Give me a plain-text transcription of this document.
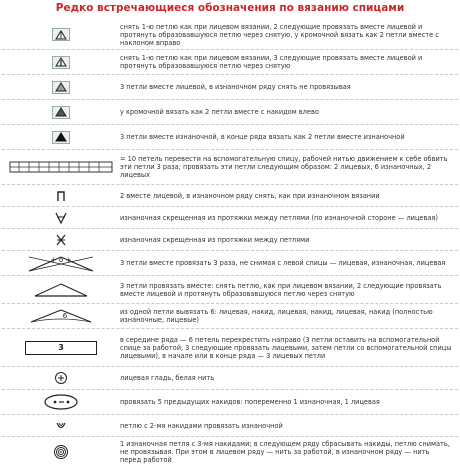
Редко встречающиеся обозначения по вязанию спицами
снять 1-ю петлю как при лицевом вязании, 2 следующие провязать вместе лицевой и протянуть образовавшуюся петлю через снятую, у кромочной вязать как 2 петли вместе с наклоном вправо
снять 1-ю петлю как при лицевом вязании, 3 следующие провязать вместе лицевой и протянуть образовавшуюся петлю через снятую
3 петли вместе лицевой, в изнаночном ряду снять не провязывая
у кромочной вязать как 2 петли вместе с накидом влево
3 петли вместе изнаночной, в конце ряда вязать как 2 петли вместе изнаночной
= 10 петель перевести на вспомогательную спицу, рабочей нитью движением к себе обвить эти петли 3 раза; провязать эти петли следующим образом: 2 лицевых, 6 изнаночных, 2 лицевых
2 вместе лицевой, в изнаночном ряду снять, как при изнаночном вязании
изнаночная скрещенная из протяжки между петлями (по изнаночной стороне — лицевая)
изнаночная скрещенная из протяжки между петлями
+ o +	3 петли вместе провязать 3 раза, не снимая с левой спицы — лицевая, изнаночная, лицевая
3 петли провязать вместе: снять петлю, как при лицевом вязании, 2 следующие провязать вместе лицевой и протянуть образовавшуюся петлю через снятую
6	из одной петли вывязать 6: лицевая, накид, лицевая, накид, лицевая, накид (полностью изнаночные, лицевые)
3
в середине ряда — 6 петель перекрестить направо (3 петли оставить на вспомогательной спице за работой, 3 следующие провязать лицевыми, затем петли со вспомогательной спицы лицевыми), в начале или в конце ряда — 3 лицевых петли
лицевая гладь, белая нить
провязать 5 предыдущих накидов: попеременно 1 изнаночная, 1 лицевая
петлю с 2-мя накидами провязать изнаночной
1 изнаночная петля с 3-мя накидами; в следующем ряду сбрасывать накиды, петлю снимать, не провязывая. При этом в лицевом ряду — нить за работой, в изнаночном ряду — нить перед работой
